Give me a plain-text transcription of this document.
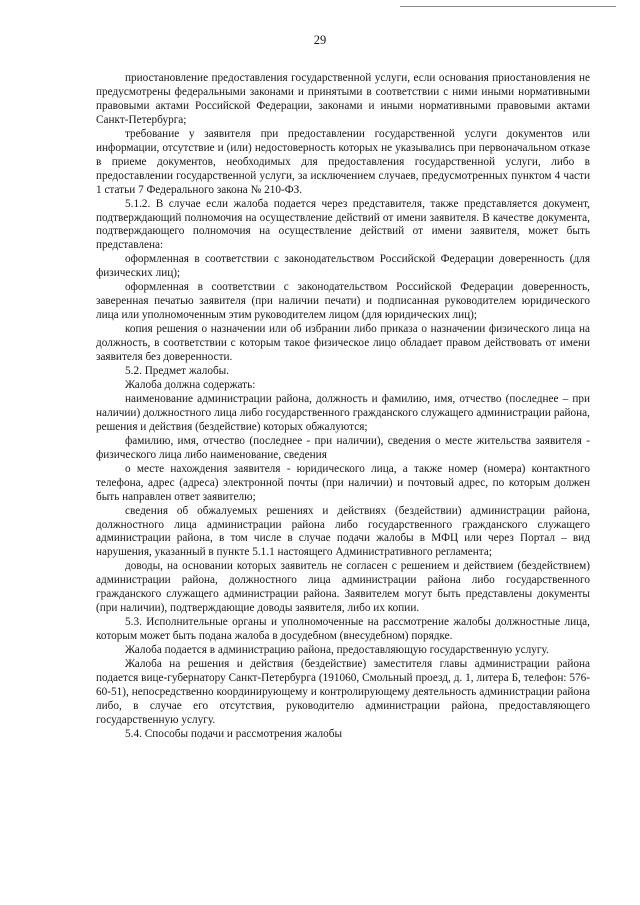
29

приостановление предоставления государственной услуги, если основания приостановления не предусмотрены федеральными законами и принятыми в соответствии с ними иными нормативными правовыми актами Российской Федерации, законами и иными нормативными правовыми актами Санкт-Петербурга;

требование у заявителя при предоставлении государственной услуги документов или информации, отсутствие и (или) недостоверность которых не указывались при первоначальном отказе в приеме документов, необходимых для предоставления государственной услуги, либо в предоставлении государственной услуги, за исключением случаев, предусмотренных пунктом 4 части 1 статьи 7 Федерального закона № 210-ФЗ.

5.1.2. В случае если жалоба подается через представителя, также представляется документ, подтверждающий полномочия на осуществление действий от имени заявителя. В качестве документа, подтверждающего полномочия на осуществление действий от имени заявителя, может быть представлена:

оформленная в соответствии с законодательством Российской Федерации доверенность (для физических лиц);

оформленная в соответствии с законодательством Российской Федерации доверенность, заверенная печатью заявителя (при наличии печати) и подписанная руководителем юридического лица или уполномоченным этим руководителем лицом (для юридических лиц);

копия решения о назначении или об избрании либо приказа о назначении физического лица на должность, в соответствии с которым такое физическое лицо обладает правом действовать от имени заявителя без доверенности.

5.2. Предмет жалобы.

Жалоба должна содержать:

наименование администрации района, должность и фамилию, имя, отчество (последнее – при наличии) должностного лица либо государственного гражданского служащего администрации района, решения и действия (бездействие) которых обжалуются;

фамилию, имя, отчество (последнее - при наличии), сведения о месте жительства заявителя - физического лица либо наименование, сведения

о месте нахождения заявителя - юридического лица, а также номер (номера) контактного телефона, адрес (адреса) электронной почты (при наличии) и почтовый адрес, по которым должен быть направлен ответ заявителю;

сведения об обжалуемых решениях и действиях (бездействии) администрации района, должностного лица администрации района либо государственного гражданского служащего администрации района, в том числе в случае подачи жалобы в МФЦ или через Портал – вид нарушения, указанный в пункте 5.1.1 настоящего Административного регламента;

доводы, на основании которых заявитель не согласен с решением и действием (бездействием) администрации района, должностного лица администрации района либо государственного гражданского служащего администрации района. Заявителем могут быть представлены документы (при наличии), подтверждающие доводы заявителя, либо их копии.

5.3. Исполнительные органы и уполномоченные на рассмотрение жалобы должностные лица, которым может быть подана жалоба в досудебном (внесудебном) порядке.

Жалоба подается в администрацию района, предоставляющую государственную услугу.

Жалоба на решения и действия (бездействие) заместителя главы администрации района подается вице-губернатору Санкт-Петербурга (191060, Смольный проезд, д. 1, литера Б, телефон: 576-60-51), непосредственно координирующему и контролирующему деятельность администрации района либо, в случае его отсутствия, руководителю администрации района, предоставляющего государственную услугу.

5.4. Способы подачи и рассмотрения жалобы
